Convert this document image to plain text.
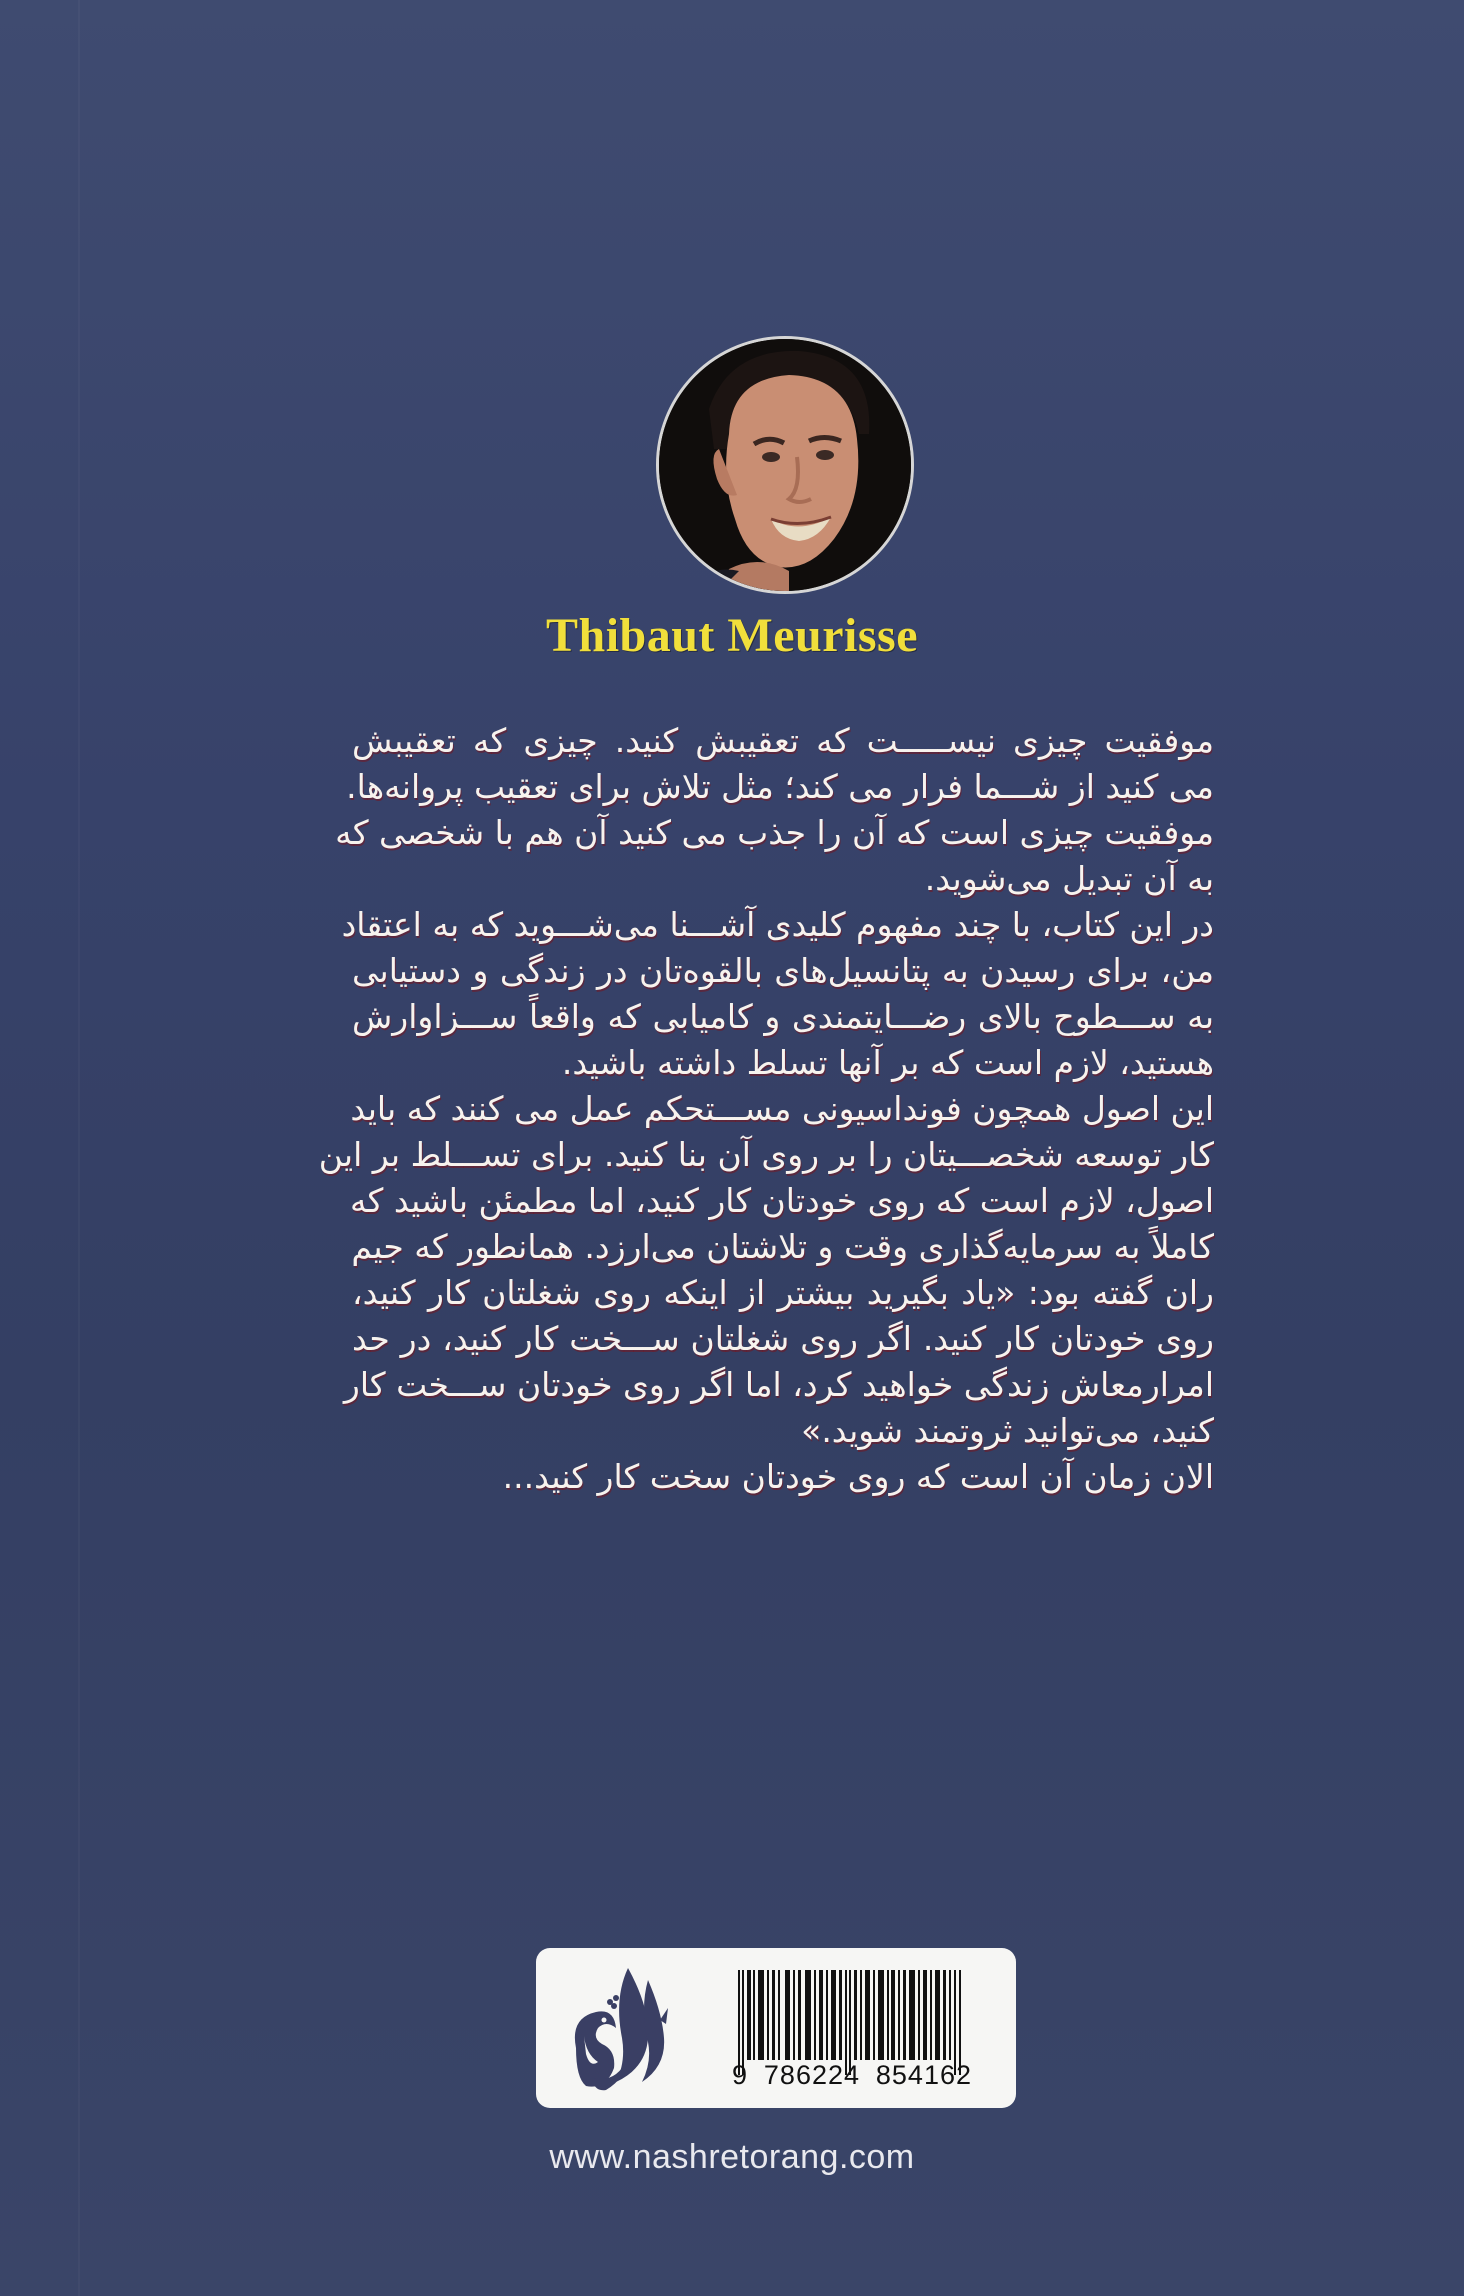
Thibaut Meurisse
موفقیت چیزی نیســـــت که تعقیبش کنید. چیزی که تعقیبش
می کنید از شـــما فرار می کند؛ مثل تلاش برای تعقیب پروانه‌ها.
موفقیت چیزی است که آن را جذب می کنید آن هم با شخصی که
به آن تبدیل می‌شوید.
در این کتاب، با چند مفهوم کلیدی آشـــنا می‌شـــوید که به اعتقاد
من، برای رسیدن به پتانسیل‌های بالقوه‌تان در زندگی و دستیابی
به ســـطوح بالای رضـــایتمندی و کامیابی که واقعاً ســـزاوارش
هستید، لازم است که بر آنها تسلط داشته باشید.
این اصول همچون فونداسیونی مســـتحکم عمل می کنند که باید
کار توسعه شخصـــیتان را بر روی آن بنا کنید. برای تســـلط بر این
اصول، لازم است که روی خودتان کار کنید، اما مطمئن باشید که
کاملاً به سرمایه‌گذاری وقت و تلاشتان می‌ارزد. همانطور که جیم
ران گفته بود: «یاد بگیرید بیشتر از اینکه روی شغلتان کار کنید،
روی خودتان کار کنید. اگر روی شغلتان ســـخت کار کنید، در حد
امرارمعاش زندگی خواهید کرد، اما اگر روی خودتان ســـخت کار
کنید، می‌توانید ثروتمند شوید.»
الان زمان آن است که روی خودتان سخت کار کنید...
9 786224 854162
www.nashretorang.com
